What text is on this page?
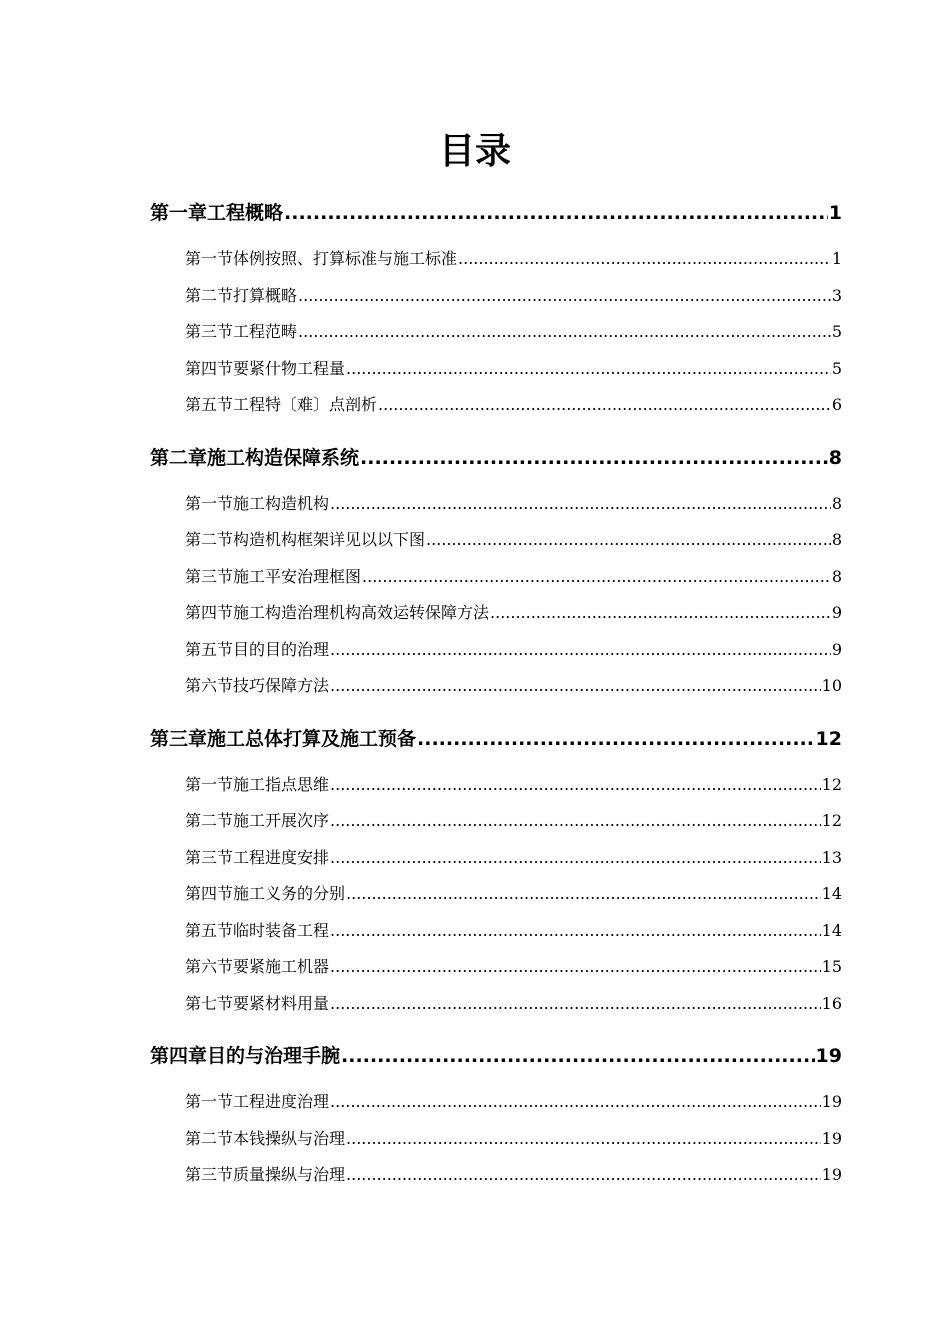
目录
第一章工程概略 .....	1
第一节体例按照、打算标准与施工标准 .....	1
第二节打算概略 .....	3
第三节工程范畴 .....	5
第四节要紧什物工程量 .....	5
第五节工程特〔难〕点剖析 .....	6
第二章施工构造保障系统 .....	8
第一节施工构造机构 .....	8
第二节构造机构框架详见以以下图 .....	8
第三节施工平安治理框图 .....	8
第四节施工构造治理机构高效运转保障方法 .....	9
第五节目的目的治理 .....	9
第六节技巧保障方法 .....	10
第三章施工总体打算及施工预备 .....	12
第一节施工指点思维 .....	12
第二节施工开展次序 .....	12
第三节工程进度安排 .....	13
第四节施工义务的分别 .....	14
第五节临时装备工程 .....	14
第六节要紧施工机器 .....	15
第七节要紧材料用量 .....	16
第四章目的与治理手腕 .....	19
第一节工程进度治理 .....	19
第二节本钱操纵与治理 .....	19
第三节质量操纵与治理 .....	19
